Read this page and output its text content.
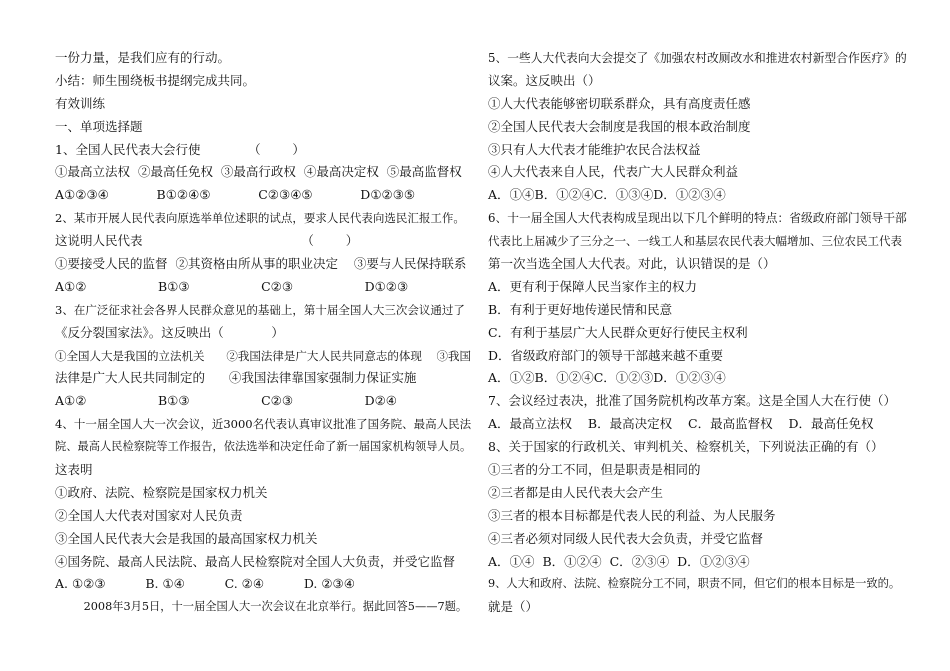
一份力量，是我们应有的行动。
小结：师生围绕板书提纲完成共同。
有效训练
一、单项选择题
1、全国人民代表大会行使            （        ）
①最高立法权  ②最高任免权  ③最高行政权  ④最高决定权  ⑤最高监督权
A①②③④            B①②④⑤            C②③④⑤            D①②③⑤
2、某市开展人民代表向原选举单位述职的试点，要求人民代表向选民汇报工作。
这说明人民代表                                        （        ）
①要接受人民的监督  ②其资格由所从事的职业决定    ③要与人民保持联系
A①②                  B①③                  C②③                  D①②③
3、在广泛征求社会各界人民群众意见的基础上，第十届全国人大三次会议通过了
《反分裂国家法》。这反映出（            ）
①全国人大是我国的立法机关      ②我国法律是广大人民共同意志的体现    ③我国
法律是广大人民共同制定的      ④我国法律靠国家强制力保证实施
A①②                  B①③                  C②③                  D②④
4、十一届全国人大一次会议，近3000名代表认真审议批准了国务院、最高人民法
院、最高人民检察院等工作报告，依法选举和决定任命了新一届国家机构领导人员。
这表明
①政府、法院、检察院是国家权力机关
②全国人大代表对国家对人民负责
③全国人民代表大会是我国的最高国家权力机关
④国务院、最高人民法院、最高人民检察院对全国人大负责，并受它监督
A. ①②③          B. ①④          C. ②④          D. ②③④
2008年3月5日，十一届全国人大一次会议在北京举行。据此回答5——7题。
5、一些人大代表向大会提交了《加强农村改厕改水和推进农村新型合作医疗》的
议案。这反映出（）
①人大代表能够密切联系群众，具有高度责任感
②全国人民代表大会制度是我国的根本政治制度
③只有人大代表才能维护农民合法权益
④人大代表来自人民，代表广大人民群众利益
A．①④B．①②④C．①③④D．①②③④
6、十一届全国人大代表构成呈现出以下几个鲜明的特点：省级政府部门领导干部
代表比上届减少了三分之一、一线工人和基层农民代表大幅增加、三位农民工代表
第一次当选全国人大代表。对此，认识错误的是（）
A．更有利于保障人民当家作主的权力
B．有利于更好地传递民情和民意
C．有利于基层广大人民群众更好行使民主权利
D．省级政府部门的领导干部越来越不重要
A．①②B．①②④C．①②③D．①②③④
7、会议经过表决，批准了国务院机构改革方案。这是全国人大在行使（）
A．最高立法权    B．最高决定权    C．最高监督权    D．最高任免权
8、关于国家的行政机关、审判机关、检察机关，下列说法正确的有（）
①三者的分工不同，但是职责是相同的
②三者都是由人民代表大会产生
③三者的根本目标都是代表人民的利益、为人民服务
④三者必须对同级人民代表大会负责，并受它监督
A．①④  B．①②④  C．②③④  D．①②③④
9、人大和政府、法院、检察院分工不同，职责不同，但它们的根本目标是一致的。
就是（）
